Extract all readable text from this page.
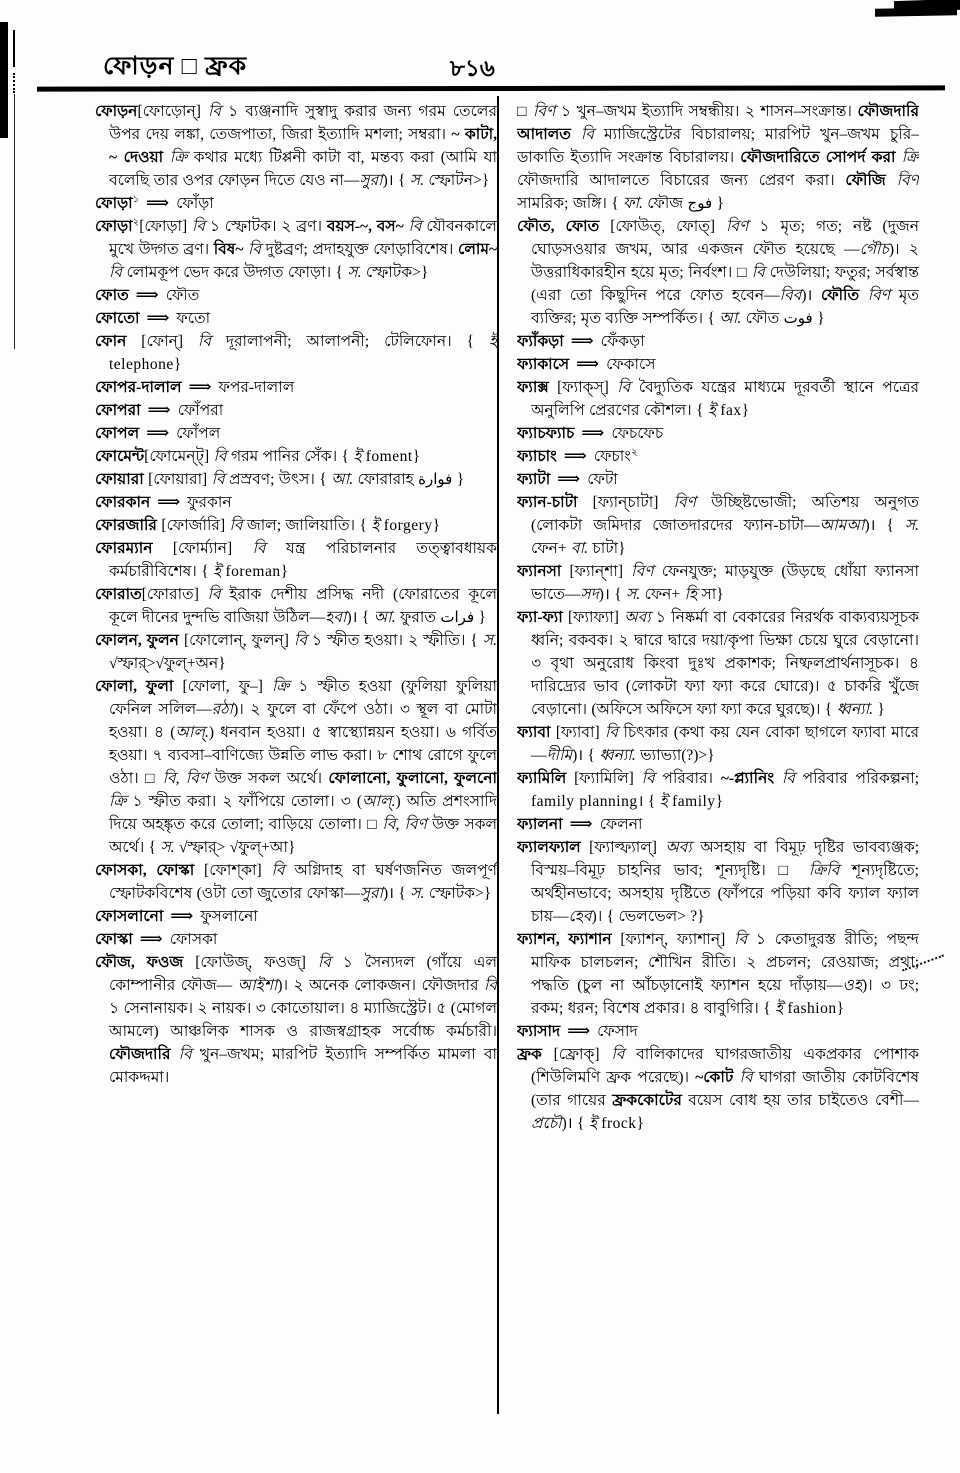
ফোড়ন □ ফ্রক	৮১৬

ফোড়ন[ফোড়োন্] বি ১ ব্যঞ্জনাদি সুস্বাদু করার জন্য গরম তেলের উপর দেয় লঙ্কা, তেজপাতা, জিরা ইত্যাদি মশলা; সম্বরা। ~ কাটা, ~ দেওয়া ক্রি কথার মধ্যে টিপ্পনী কাটা বা, মন্তব্য করা (আমি যা বলেছি তার ওপর ফোড়ন দিতে যেও না—সুরা)। { স. স্ফোটন>}

ফোড়া$^১$ ⟹ ফোঁড়া

ফোড়া$^২$[ফোড়া] বি ১ স্ফোটক। ২ ব্রণ। বয়স-~, বস~ বি যৌবনকালে মুখে উদ্গত ব্রণ। বিষ~ বি দুষ্টব্রণ; প্রদাহযুক্ত ফোড়াবিশেষ। লোম~ বি লোমকূপ ভেদ করে উদ্গত ফোড়া। { স. স্ফোটক>}

ফোত ⟹ ফৌত

ফোতো ⟹ ফতো

ফোন [ফোন্] বি দূরালাপনী; আলাপনী; টেলিফোন। { ই telephone}

ফোপর-দালাল ⟹ ফপর-দালাল

ফোপরা ⟹ ফোঁপরা

ফোপল ⟹ ফোঁপল

ফোমেন্ট[ফোমেন্ট্] বি গরম পানির সেঁক। { ই foment}

ফোয়ারা [ফোয়ারা] বি প্রস্রবণ; উৎস। { আ. ফোরারাহ فوارة }

ফোরকান ⟹ ফুরকান

ফোরজারি [ফোর্জারি] বি জাল; জালিয়াতি। { ই forgery}

ফোরম্যান [ফোর্ম্যান] বি যন্ত্র পরিচালনার তত্ত্বাবধায়ক কর্মচারীবিশেষ। { ই foreman}

ফোরাত[ফোরাত] বি ইরাক দেশীয় প্রসিদ্ধ নদী (ফোরাতের কূলে কূলে দীনের দুন্দভি বাজিয়া উঠিল—হবা)। { আ. ফুরাত فرات }

ফোলন, ফুলন [ফোলোন্, ফুলন্] বি ১ স্ফীত হওয়া। ২ স্ফীতি। { স. √স্ফার্>√ফুল্+অন}

ফোলা, ফুলা [ফোলা, ফু–] ক্রি ১ স্ফীত হওয়া (ফুলিয়া ফুলিয়া ফেনিল সলিল—রঠা)। ২ ফুলে বা ফেঁপে ওঠা। ৩ স্থূল বা মোটা হওয়া। ৪ (আল্.) ধনবান হওয়া। ৫ স্বাস্থ্যোন্নয়ন হওয়া। ৬ গর্বিত হওয়া। ৭ ব্যবসা–বাণিজ্যে উন্নতি লাভ করা। ৮ শোথ রোগে ফুলে ওঠা। □ বি, বিণ উক্ত সকল অর্থে। ফোলানো, ফুলানো, ফুলনো ক্রি ১ স্ফীত করা। ২ ফাঁপিয়ে তোলা। ৩ (আল্.) অতি প্রশংসাদি দিয়ে অহঙ্কৃত করে তোলা; বাড়িয়ে তোলা। □ বি, বিণ উক্ত সকল অর্থে। { স. √স্ফার্> √ফুল্+আ}

ফোসকা, ফোস্কা [ফোশ্কা] বি অগ্নিদাহ বা ঘর্ষণজনিত জলপূর্ণ স্ফোটকবিশেষ (ওটা তো জুতোর ফোস্কা—সুরা)। { স. স্ফোটক>}

ফোসলানো ⟹ ফুসলানো

ফোস্কা ⟹ ফোসকা

ফৌজ, ফওজ [ফোউজ্, ফওজ্] বি ১ সৈন্যদল (গাঁয়ে এল কোম্পানীর ফৌজ— আইশা)। ২ অনেক লোকজন। ফৌজদার বি ১ সেনানায়ক। ২ নায়ক। ৩ কোতোয়াল। ৪ ম্যাজিস্ট্রেট। ৫ (মোগল আমলে) আঞ্চলিক শাসক ও রাজস্বগ্রাহক সর্বোচ্চ কর্মচারী। ফৌজদারি বি খুন–জখম; মারপিট ইত্যাদি সম্পর্কিত মামলা বা মোকদ্দমা।

□ বিণ ১ খুন–জখম ইত্যাদি সম্বন্ধীয়। ২ শাসন–সংক্রান্ত। ফৌজদারি আদালত বি ম্যাজিস্ট্রেটের বিচারালয়; মারপিট খুন–জখম চুরি–ডাকাতি ইত্যাদি সংক্রান্ত বিচারালয়। ফৌজদারিতে সোপর্দ করা ক্রি ফৌজদারি আদালতে বিচারের জন্য প্রেরণ করা। ফৌজি বিণ সামরিক; জঙ্গি। { ফা. ফৌজ فوج }

ফৌত, ফোত [ফোউত্, ফোত্] বিণ ১ মৃত; গত; নষ্ট (দুজন ঘোড়সওয়ার জখম, আর একজন ফৌত হয়েছে —গৌচ)। ২ উত্তরাধিকারহীন হয়ে মৃত; নির্বংশ। □ বি দেউলিয়া; ফতুর; সর্বস্বান্ত (এরা তো কিছুদিন পরে ফোত হবেন—বিব)। ফৌতি বিণ মৃত ব্যক্তির; মৃত ব্যক্তি সম্পর্কিত। { আ. ফৌত فوت }

ফ্যাঁকড়া ⟹ ফেঁকড়া

ফ্যাকাসে ⟹ ফেকাসে

ফ্যাক্স [ফ্যাক্স্] বি বৈদ্যুতিক যন্ত্রের মাধ্যমে দূরবর্তী স্থানে পত্রের অনুলিপি প্রেরণের কৌশল। { ই fax}

ফ্যাচফ্যাচ ⟹ ফেচফেচ

ফ্যাচাং ⟹ ফেচাং$^২$

ফ্যাটা ⟹ ফেটা

ফ্যান-চাটা [ফ্যান্চাটা] বিণ উচ্ছিষ্টভোজী; অতিশয় অনুগত (লোকটা জমিদার জোতদারদের ফ্যান-চাটা—আমআ)। { স. ফেন+ বা. চাটা}

ফ্যানসা [ফ্যান্শা] বিণ ফেনযুক্ত; মাড়যুক্ত (উড়ছে ধোঁয়া ফ্যানসা ভাতে—সদ)। { স. ফেন+ হি সা}

ফ্যা-ফ্যা [ফ্যাফ্যা] অব্য ১ নিষ্কর্মা বা বেকারের নিরর্থক বাক্যব্যয়সূচক ধ্বনি; বকবক। ২ দ্বারে দ্বারে দয়া/কৃপা ভিক্ষা চেয়ে ঘুরে বেড়ানো। ৩ বৃথা অনুরোধ কিংবা দুঃখ প্রকাশক; নিষ্ফলপ্রার্থনাসূচক। ৪ দারিদ্র্যের ভাব (লোকটা ফ্যা ফ্যা করে ঘোরে)। ৫ চাকরি খুঁজে বেড়ানো। (অফিসে অফিসে ফ্যা ফ্যা করে ঘুরছে)। { ধ্বন্যা. }

ফ্যাবা [ফ্যাবা] বি চিৎকার (কথা কয় যেন বোকা ছাগলে ফ্যাবা মারে—দীমি)। { ধ্বন্যা. ভ্যাভ্যা(?)>}

ফ্যামিলি [ফ্যামিলি] বি পরিবার। ~-প্ল্যানিং বি পরিবার পরিকল্পনা; family planning। { ই family}

ফ্যালনা ⟹ ফেলনা

ফ্যালফ্যাল [ফ্যাল্ফ্যাল্] অব্য অসহায় বা বিমূঢ় দৃষ্টির ভাবব্যঞ্জক; বিস্ময়–বিমূঢ় চাহনির ভাব; শূন্যদৃষ্টি। □ ক্রিবি শূন্যদৃষ্টিতে; অর্থহীনভাবে; অসহায় দৃষ্টিতে (ফাঁপরে পড়িয়া কবি ফ্যাল ফ্যাল চায়—হেব)। { ভেলভেল> ?}

ফ্যাশন, ফ্যাশান [ফ্যাশন্, ফ্যাশান্] বি ১ কেতাদুরস্ত রীতি; পছন্দ মাফিক চালচলন; শৌখিন রীতি। ২ প্রচলন; রেওয়াজ; প্রথা; পদ্ধতি (চুল না আঁচড়ানোই ফ্যাশন হয়ে দাঁড়ায়—ওহ)। ৩ ঢং; রকম; ধরন; বিশেষ প্রকার। ৪ বাবুগিরি। { ই fashion}

ফ্যাসাদ ⟹ ফেসাদ

ফ্রক [ফ্রোক্] বি বালিকাদের ঘাগরজাতীয় একপ্রকার পোশাক (শিউলিমণি ফ্রক পরেছে)। ~কোট বি ঘাগরা জাতীয় কোটবিশেষ (তার গায়ের ফ্রককোটের বয়েস বোধ হয় তার চাইতেও বেশী—প্রচৌ)। { ই frock}
